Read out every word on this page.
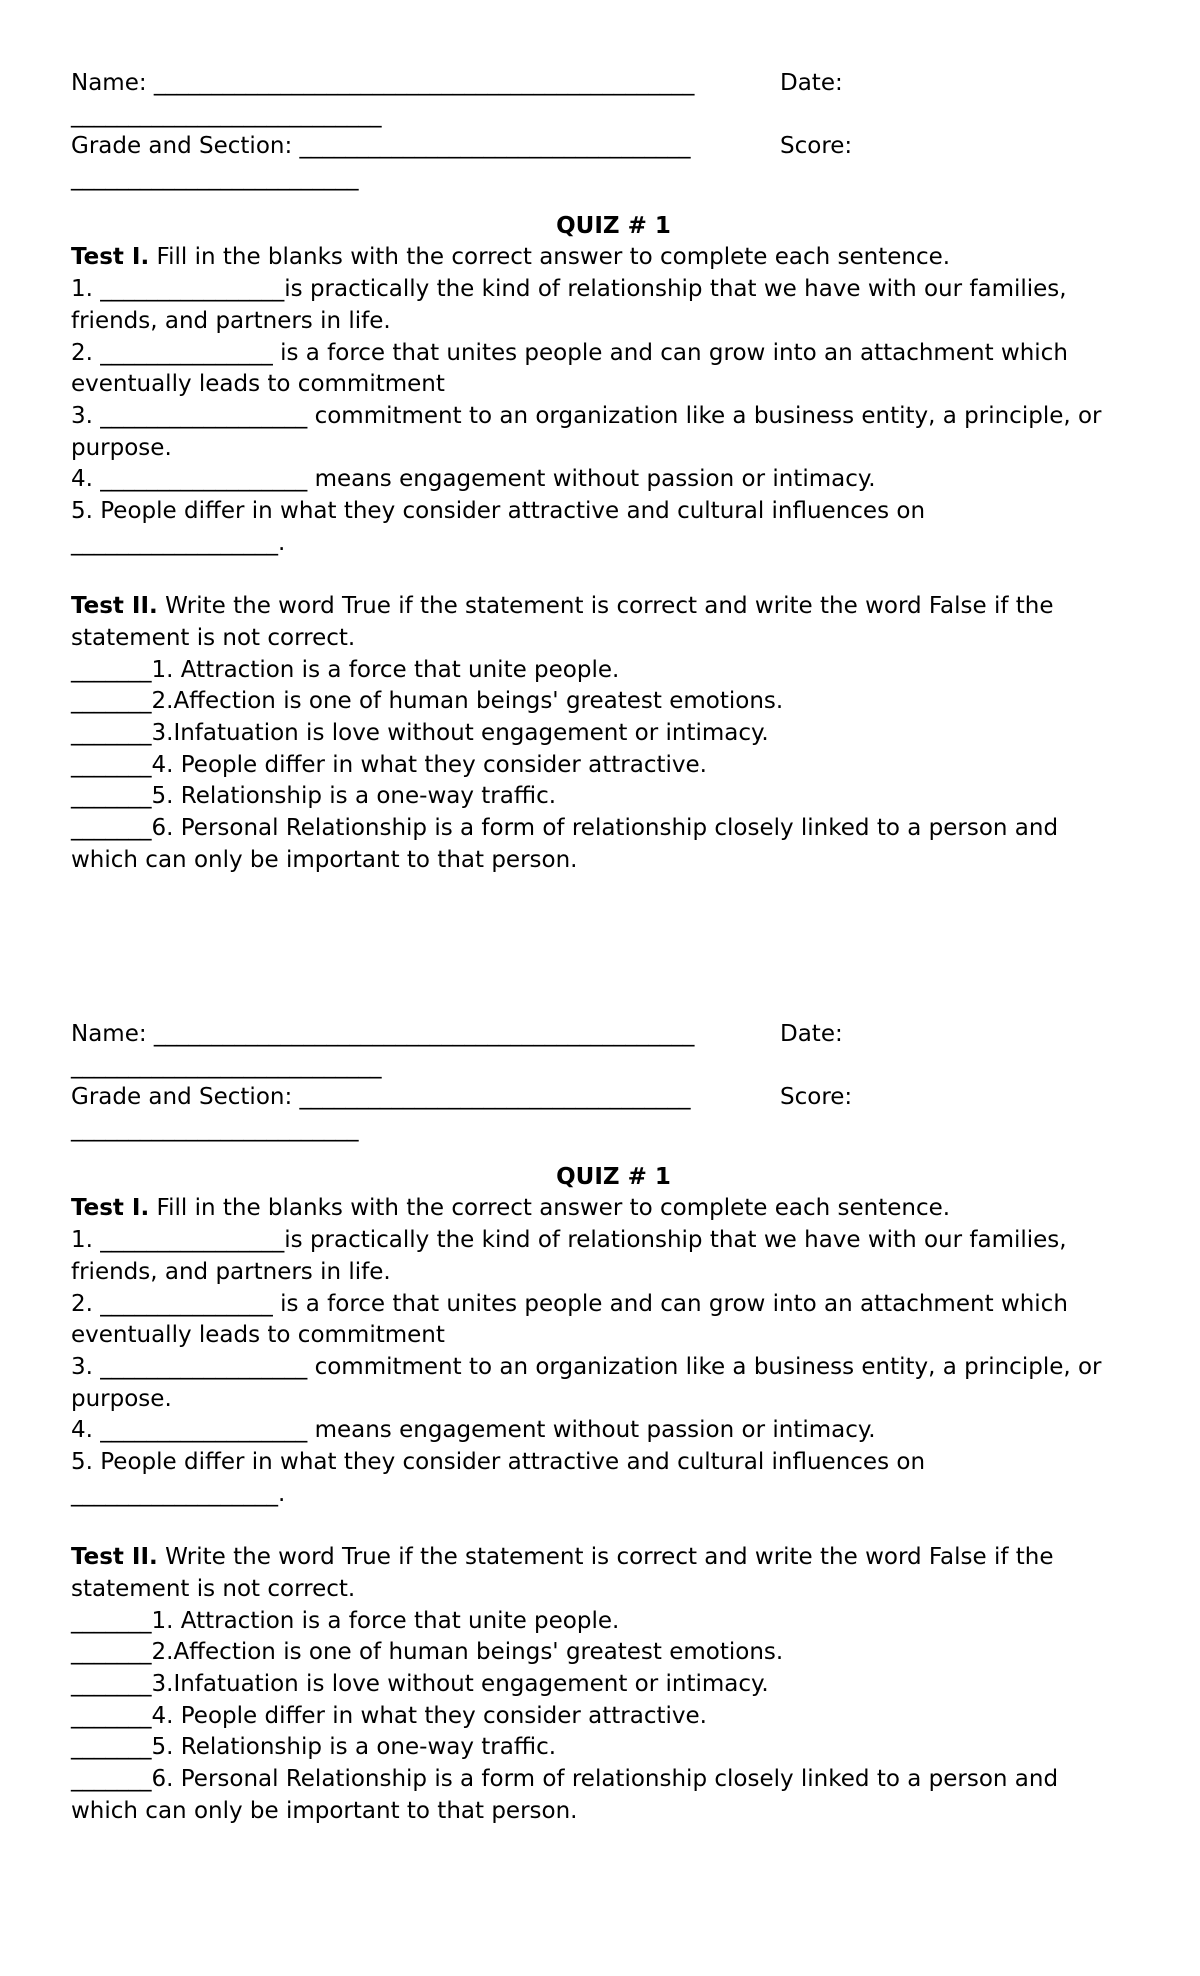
Name: _______________________________________________	Date:
___________________________
Grade and Section: __________________________________	Score:
_________________________
QUIZ # 1
Test I. Fill in the blanks with the correct answer to complete each sentence.
1. ________________is practically the kind of relationship that we have with our families,
friends, and partners in life.
2. _______________ is a force that unites people and can grow into an attachment which
eventually leads to commitment
3. __________________ commitment to an organization like a business entity, a principle, or
purpose.
4. __________________ means engagement without passion or intimacy.
5. People differ in what they consider attractive and cultural influences on
__________________.
Test II. Write the word True if the statement is correct and write the word False if the
statement is not correct.
_______1. Attraction is a force that unite people.
_______2.Affection is one of human beings' greatest emotions.
_______3.Infatuation is love without engagement or intimacy.
_______4. People differ in what they consider attractive.
_______5. Relationship is a one-way traffic.
_______6. Personal Relationship is a form of relationship closely linked to a person and
which can only be important to that person.
Name: _______________________________________________	Date:
___________________________
Grade and Section: __________________________________	Score:
_________________________
QUIZ # 1
Test I. Fill in the blanks with the correct answer to complete each sentence.
1. ________________is practically the kind of relationship that we have with our families,
friends, and partners in life.
2. _______________ is a force that unites people and can grow into an attachment which
eventually leads to commitment
3. __________________ commitment to an organization like a business entity, a principle, or
purpose.
4. __________________ means engagement without passion or intimacy.
5. People differ in what they consider attractive and cultural influences on
__________________.
Test II. Write the word True if the statement is correct and write the word False if the
statement is not correct.
_______1. Attraction is a force that unite people.
_______2.Affection is one of human beings' greatest emotions.
_______3.Infatuation is love without engagement or intimacy.
_______4. People differ in what they consider attractive.
_______5. Relationship is a one-way traffic.
_______6. Personal Relationship is a form of relationship closely linked to a person and
which can only be important to that person.
